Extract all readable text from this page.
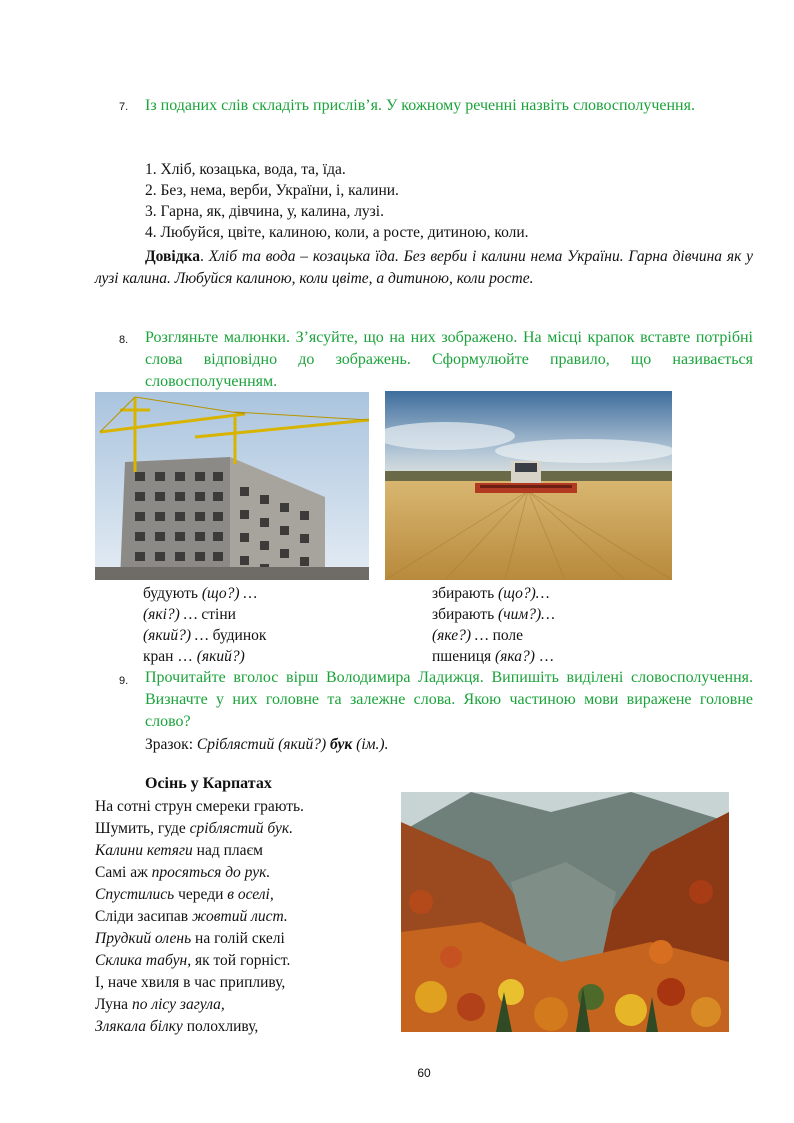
7. Із поданих слів складіть прислів’я. У кожному реченні назвіть словосполучення.
1. Хліб, козацька, вода, та, їда.
2. Без, нема, верби, України, і, калини.
3. Гарна, як, дівчина, у, калина, лузі.
4. Любуйся, цвіте, калиною, коли, а росте, дитиною, коли.
Довідка. Хліб та вода – козацька їда. Без верби і калини нема України. Гарна дівчина як у лузі калина. Любуйся калиною, коли цвіте, а дитиною, коли росте.
8. Розгляньте малюнки. З’ясуйте, що на них зображено. На місці крапок вставте потрібні слова відповідно до зображень. Сформулюйте правило, що називається словосполученням.
будують (що?) …
(які?) … стіни
(який?) … будинок
кран … (який?)
збирають (що?)…
збирають (чим?)…
(яке?) … поле
пшениця (яка?) …
9. Прочитайте вголос вірш Володимира Ладижця. Випишіть виділені словосполучення. Визначте у них головне та залежне слова. Якою частиною мови виражене головне слово?
Зразок: Сріблястий (який?) бук (ім.).
Осінь у Карпатах
На сотні струн смереки грають.
Шумить, гуде сріблястий бук.
Калини кетяги над плаєм
Самі аж просяться до рук.
Спустились череди в оселі,
Сліди засипав жовтий лист.
Прудкий олень на голій скелі
Склика табун, як той горніст.
І, наче хвиля в час припливу,
Луна по лісу загула,
Злякала білку полохливу,
60
